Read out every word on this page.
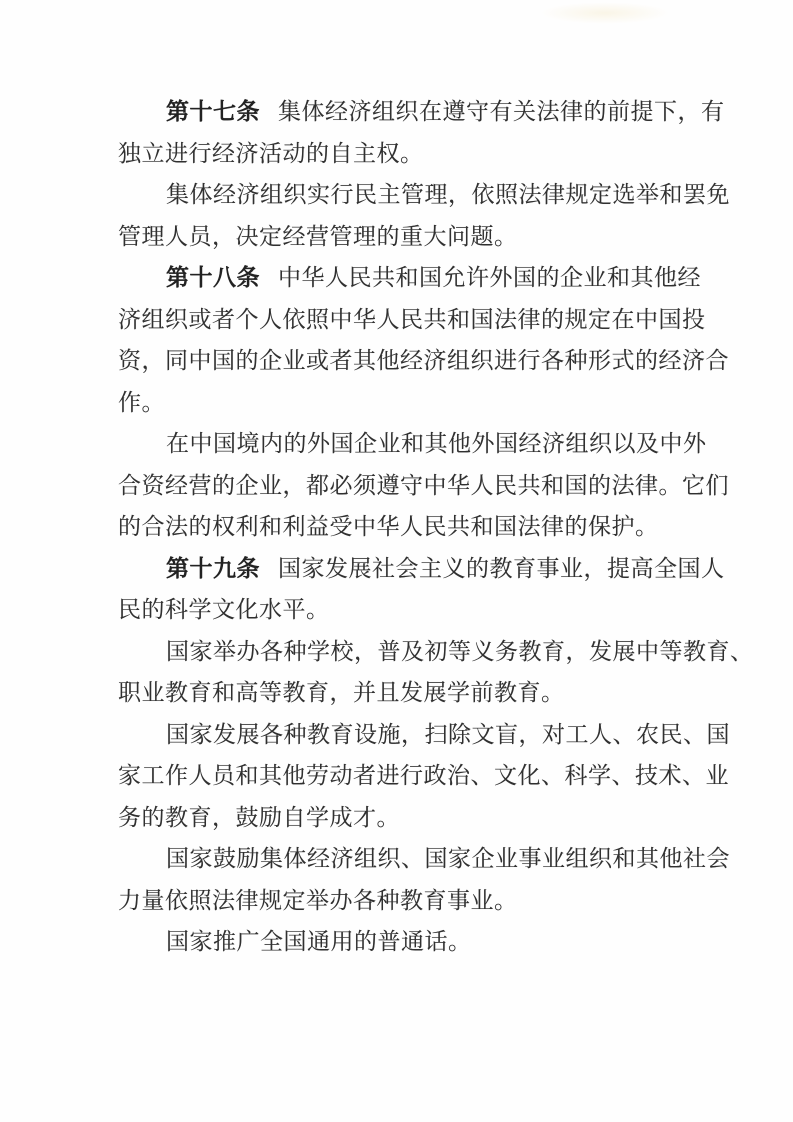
第十七条 集体经济组织在遵守有关法律的前提下，有
独立进行经济活动的自主权。
集体经济组织实行民主管理，依照法律规定选举和罢免
管理人员，决定经营管理的重大问题。
第十八条 中华人民共和国允许外国的企业和其他经
济组织或者个人依照中华人民共和国法律的规定在中国投
资，同中国的企业或者其他经济组织进行各种形式的经济合
作。
在中国境内的外国企业和其他外国经济组织以及中外
合资经营的企业，都必须遵守中华人民共和国的法律。它们
的合法的权利和利益受中华人民共和国法律的保护。
第十九条 国家发展社会主义的教育事业，提高全国人
民的科学文化水平。
国家举办各种学校，普及初等义务教育，发展中等教育、
职业教育和高等教育，并且发展学前教育。
国家发展各种教育设施，扫除文盲，对工人、农民、国
家工作人员和其他劳动者进行政治、文化、科学、技术、业
务的教育，鼓励自学成才。
国家鼓励集体经济组织、国家企业事业组织和其他社会
力量依照法律规定举办各种教育事业。
国家推广全国通用的普通话。
